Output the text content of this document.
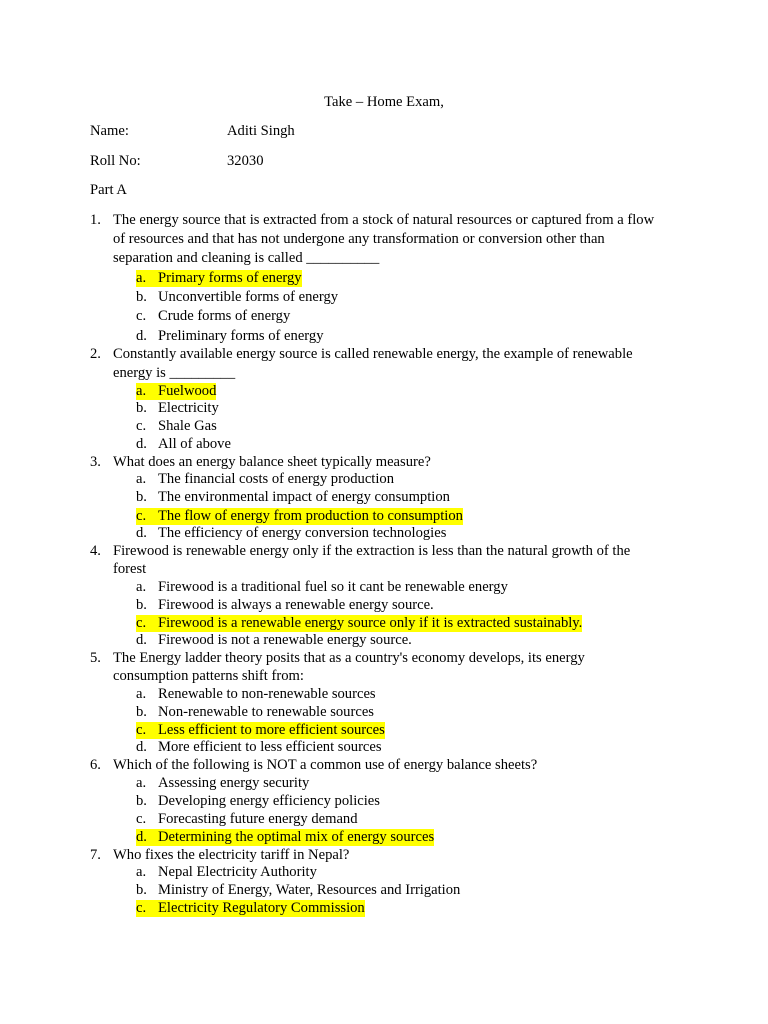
Take – Home Exam,
Name:	Aditi Singh
Roll No:	32030
Part A
1. The energy source that is extracted from a stock of natural resources or captured from a flow
of resources and that has not undergone any transformation or conversion other than
separation and cleaning is called __________
a. Primary forms of energy
b. Unconvertible forms of energy
c. Crude forms of energy
d. Preliminary forms of energy
2. Constantly available energy source is called renewable energy, the example of renewable
energy is _________
a. Fuelwood
b. Electricity
c. Shale Gas
d. All of above
3. What does an energy balance sheet typically measure?
a. The financial costs of energy production
b. The environmental impact of energy consumption
c. The flow of energy from production to consumption
d. The efficiency of energy conversion technologies
4. Firewood is renewable energy only if the extraction is less than the natural growth of the
forest
a. Firewood is a traditional fuel so it cant be renewable energy
b. Firewood is always a renewable energy source.
c. Firewood is a renewable energy source only if it is extracted sustainably.
d. Firewood is not a renewable energy source.
5. The Energy ladder theory posits that as a country's economy develops, its energy
consumption patterns shift from:
a. Renewable to non-renewable sources
b. Non-renewable to renewable sources
c. Less efficient to more efficient sources
d. More efficient to less efficient sources
6. Which of the following is NOT a common use of energy balance sheets?
a. Assessing energy security
b. Developing energy efficiency policies
c. Forecasting future energy demand
d. Determining the optimal mix of energy sources
7. Who fixes the electricity tariff in Nepal?
a. Nepal Electricity Authority
b. Ministry of Energy, Water, Resources and Irrigation
c. Electricity Regulatory Commission
